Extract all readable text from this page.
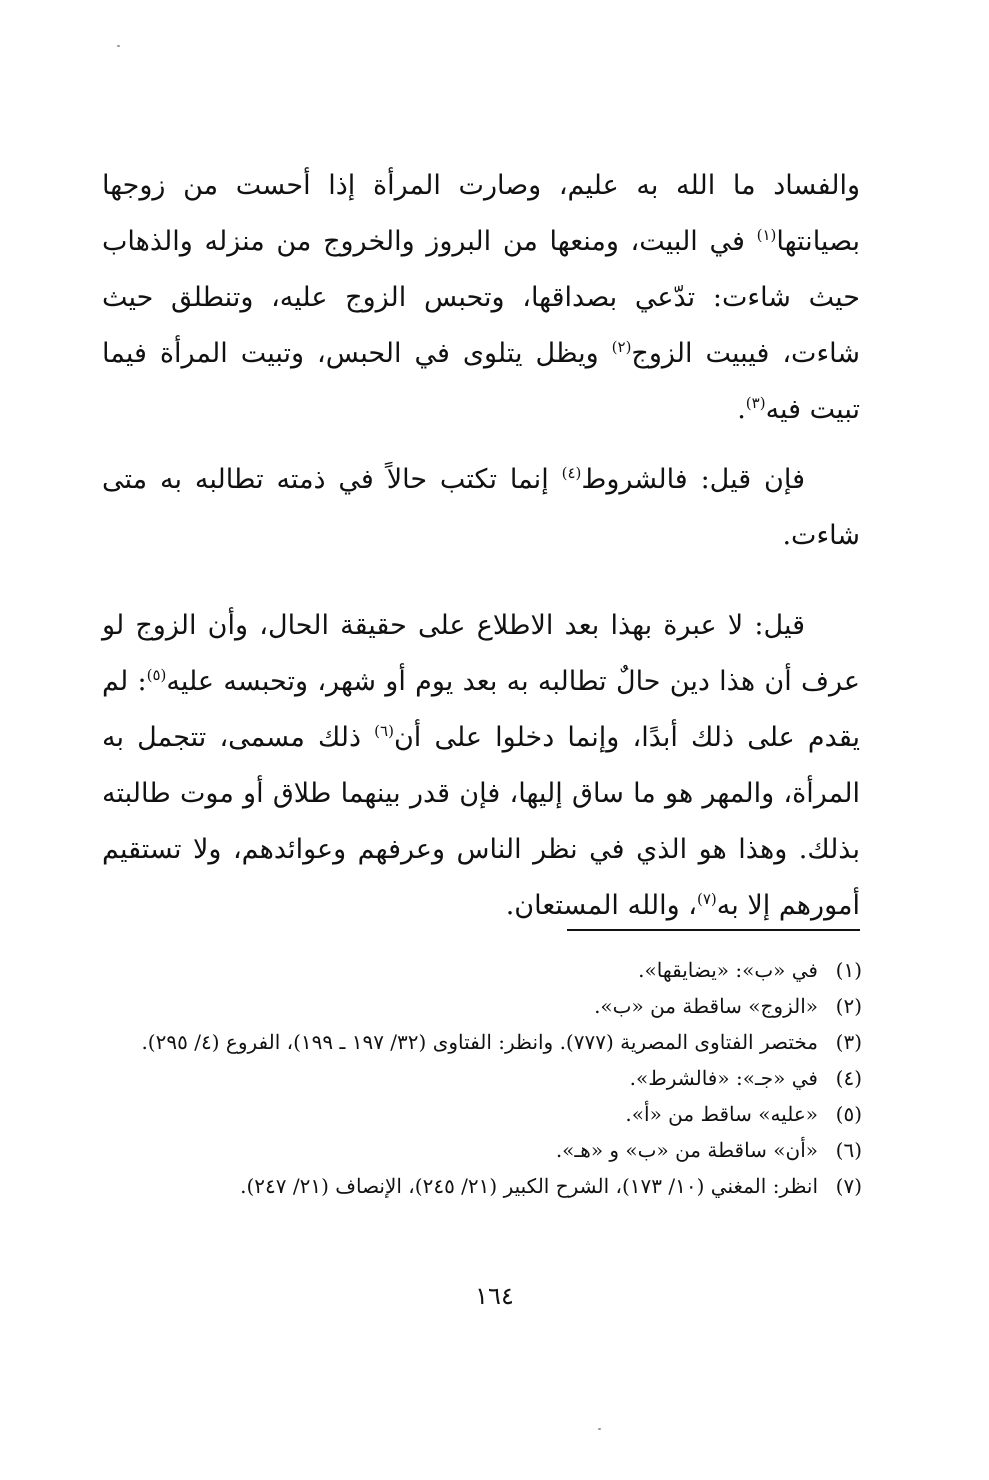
والفساد ما الله به عليم، وصارت المرأة إذا أحست من زوجها بصيانتها$^{(١)}$ في البيت، ومنعها من البروز والخروج من منزله والذهاب حيث شاءت: تدّعي بصداقها، وتحبس الزوج عليه، وتنطلق حيث شاءت، فيبيت الزوج$^{(٢)}$ ويظل يتلوى في الحبس، وتبيت المرأة فيما تبيت فيه$^{(٣)}$.

فإن قيل: فالشروط$^{(٤)}$ إنما تكتب حالاً في ذمته تطالبه به متى شاءت.

قيل: لا عبرة بهذا بعد الاطلاع على حقيقة الحال، وأن الزوج لو عرف أن هذا دين حالٌ تطالبه به بعد يوم أو شهر، وتحبسه عليه$^{(٥)}$: لم يقدم على ذلك أبدًا، وإنما دخلوا على أن$^{(٦)}$ ذلك مسمى، تتجمل به المرأة، والمهر هو ما ساق إليها، فإن قدر بينهما طلاق أو موت طالبته بذلك. وهذا هو الذي في نظر الناس وعرفهم وعوائدهم، ولا تستقيم أمورهم إلا به$^{(٧)}$، والله المستعان.

(١)
في «ب»: «يضايقها».
(٢)
«الزوج» ساقطة من «ب».
(٣)
مختصر الفتاوى المصرية (٧٧٧). وانظر: الفتاوى (٣٢/ ١٩٧ ـ ١٩٩)، الفروع (٤/ ٢٩٥).
(٤)
في «جـ»: «فالشرط».
(٥)
«عليه» ساقط من «أ».
(٦)
«أن» ساقطة من «ب» و «هـ».
(٧)
انظر: المغني (١٠/ ١٧٣)، الشرح الكبير (٢١/ ٢٤٥)، الإنصاف (٢١/ ٢٤٧).
١٦٤
